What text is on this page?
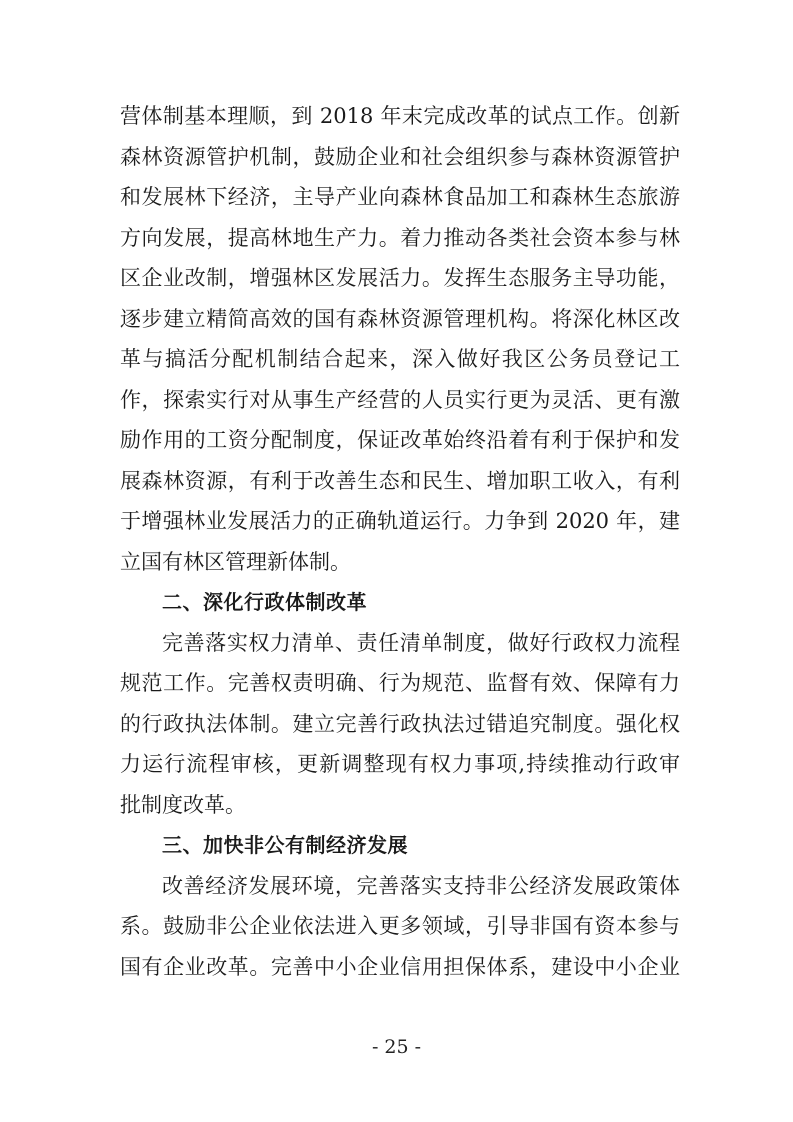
营体制基本理顺，到 2018 年末完成改革的试点工作。创新
森林资源管护机制，鼓励企业和社会组织参与森林资源管护
和发展林下经济，主导产业向森林食品加工和森林生态旅游
方向发展，提高林地生产力。着力推动各类社会资本参与林
区企业改制，增强林区发展活力。发挥生态服务主导功能，
逐步建立精简高效的国有森林资源管理机构。将深化林区改
革与搞活分配机制结合起来，深入做好我区公务员登记工
作，探索实行对从事生产经营的人员实行更为灵活、更有激
励作用的工资分配制度，保证改革始终沿着有利于保护和发
展森林资源，有利于改善生态和民生、增加职工收入，有利
于增强林业发展活力的正确轨道运行。力争到 2020 年，建
立国有林区管理新体制。
二、深化行政体制改革
完善落实权力清单、责任清单制度，做好行政权力流程
规范工作。完善权责明确、行为规范、监督有效、保障有力
的行政执法体制。建立完善行政执法过错追究制度。强化权
力运行流程审核，更新调整现有权力事项,持续推动行政审
批制度改革。
三、加快非公有制经济发展
改善经济发展环境，完善落实支持非公经济发展政策体
系。鼓励非公企业依法进入更多领域，引导非国有资本参与
国有企业改革。完善中小企业信用担保体系，建设中小企业
- 25 -
